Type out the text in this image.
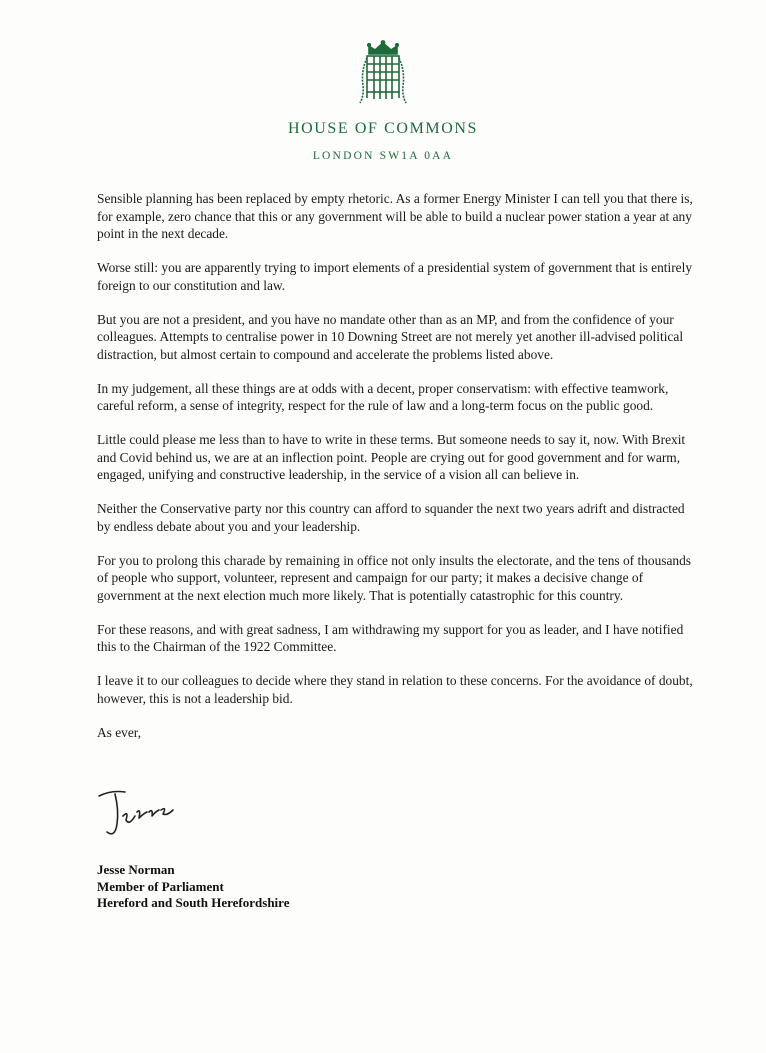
HOUSE OF COMMONS
LONDON SW1A 0AA

Sensible planning has been replaced by empty rhetoric. As a former Energy Minister I can tell you that there is, for example, zero chance that this or any government will be able to build a nuclear power station a year at any point in the next decade.

Worse still: you are apparently trying to import elements of a presidential system of government that is entirely foreign to our constitution and law.

But you are not a president, and you have no mandate other than as an MP, and from the confidence of your colleagues. Attempts to centralise power in 10 Downing Street are not merely yet another ill-advised political distraction, but almost certain to compound and accelerate the problems listed above.

In my judgement, all these things are at odds with a decent, proper conservatism: with effective teamwork, careful reform, a sense of integrity, respect for the rule of law and a long-term focus on the public good.

Little could please me less than to have to write in these terms. But someone needs to say it, now. With Brexit and Covid behind us, we are at an inflection point. People are crying out for good government and for warm, engaged, unifying and constructive leadership, in the service of a vision all can believe in.

Neither the Conservative party nor this country can afford to squander the next two years adrift and distracted by endless debate about you and your leadership.

For you to prolong this charade by remaining in office not only insults the electorate, and the tens of thousands of people who support, volunteer, represent and campaign for our party; it makes a decisive change of government at the next election much more likely. That is potentially catastrophic for this country.

For these reasons, and with great sadness, I am withdrawing my support for you as leader, and I have notified this to the Chairman of the 1922 Committee.

I leave it to our colleagues to decide where they stand in relation to these concerns. For the avoidance of doubt, however, this is not a leadership bid.

As ever,

Jesse Norman
Member of Parliament
Hereford and South Herefordshire
